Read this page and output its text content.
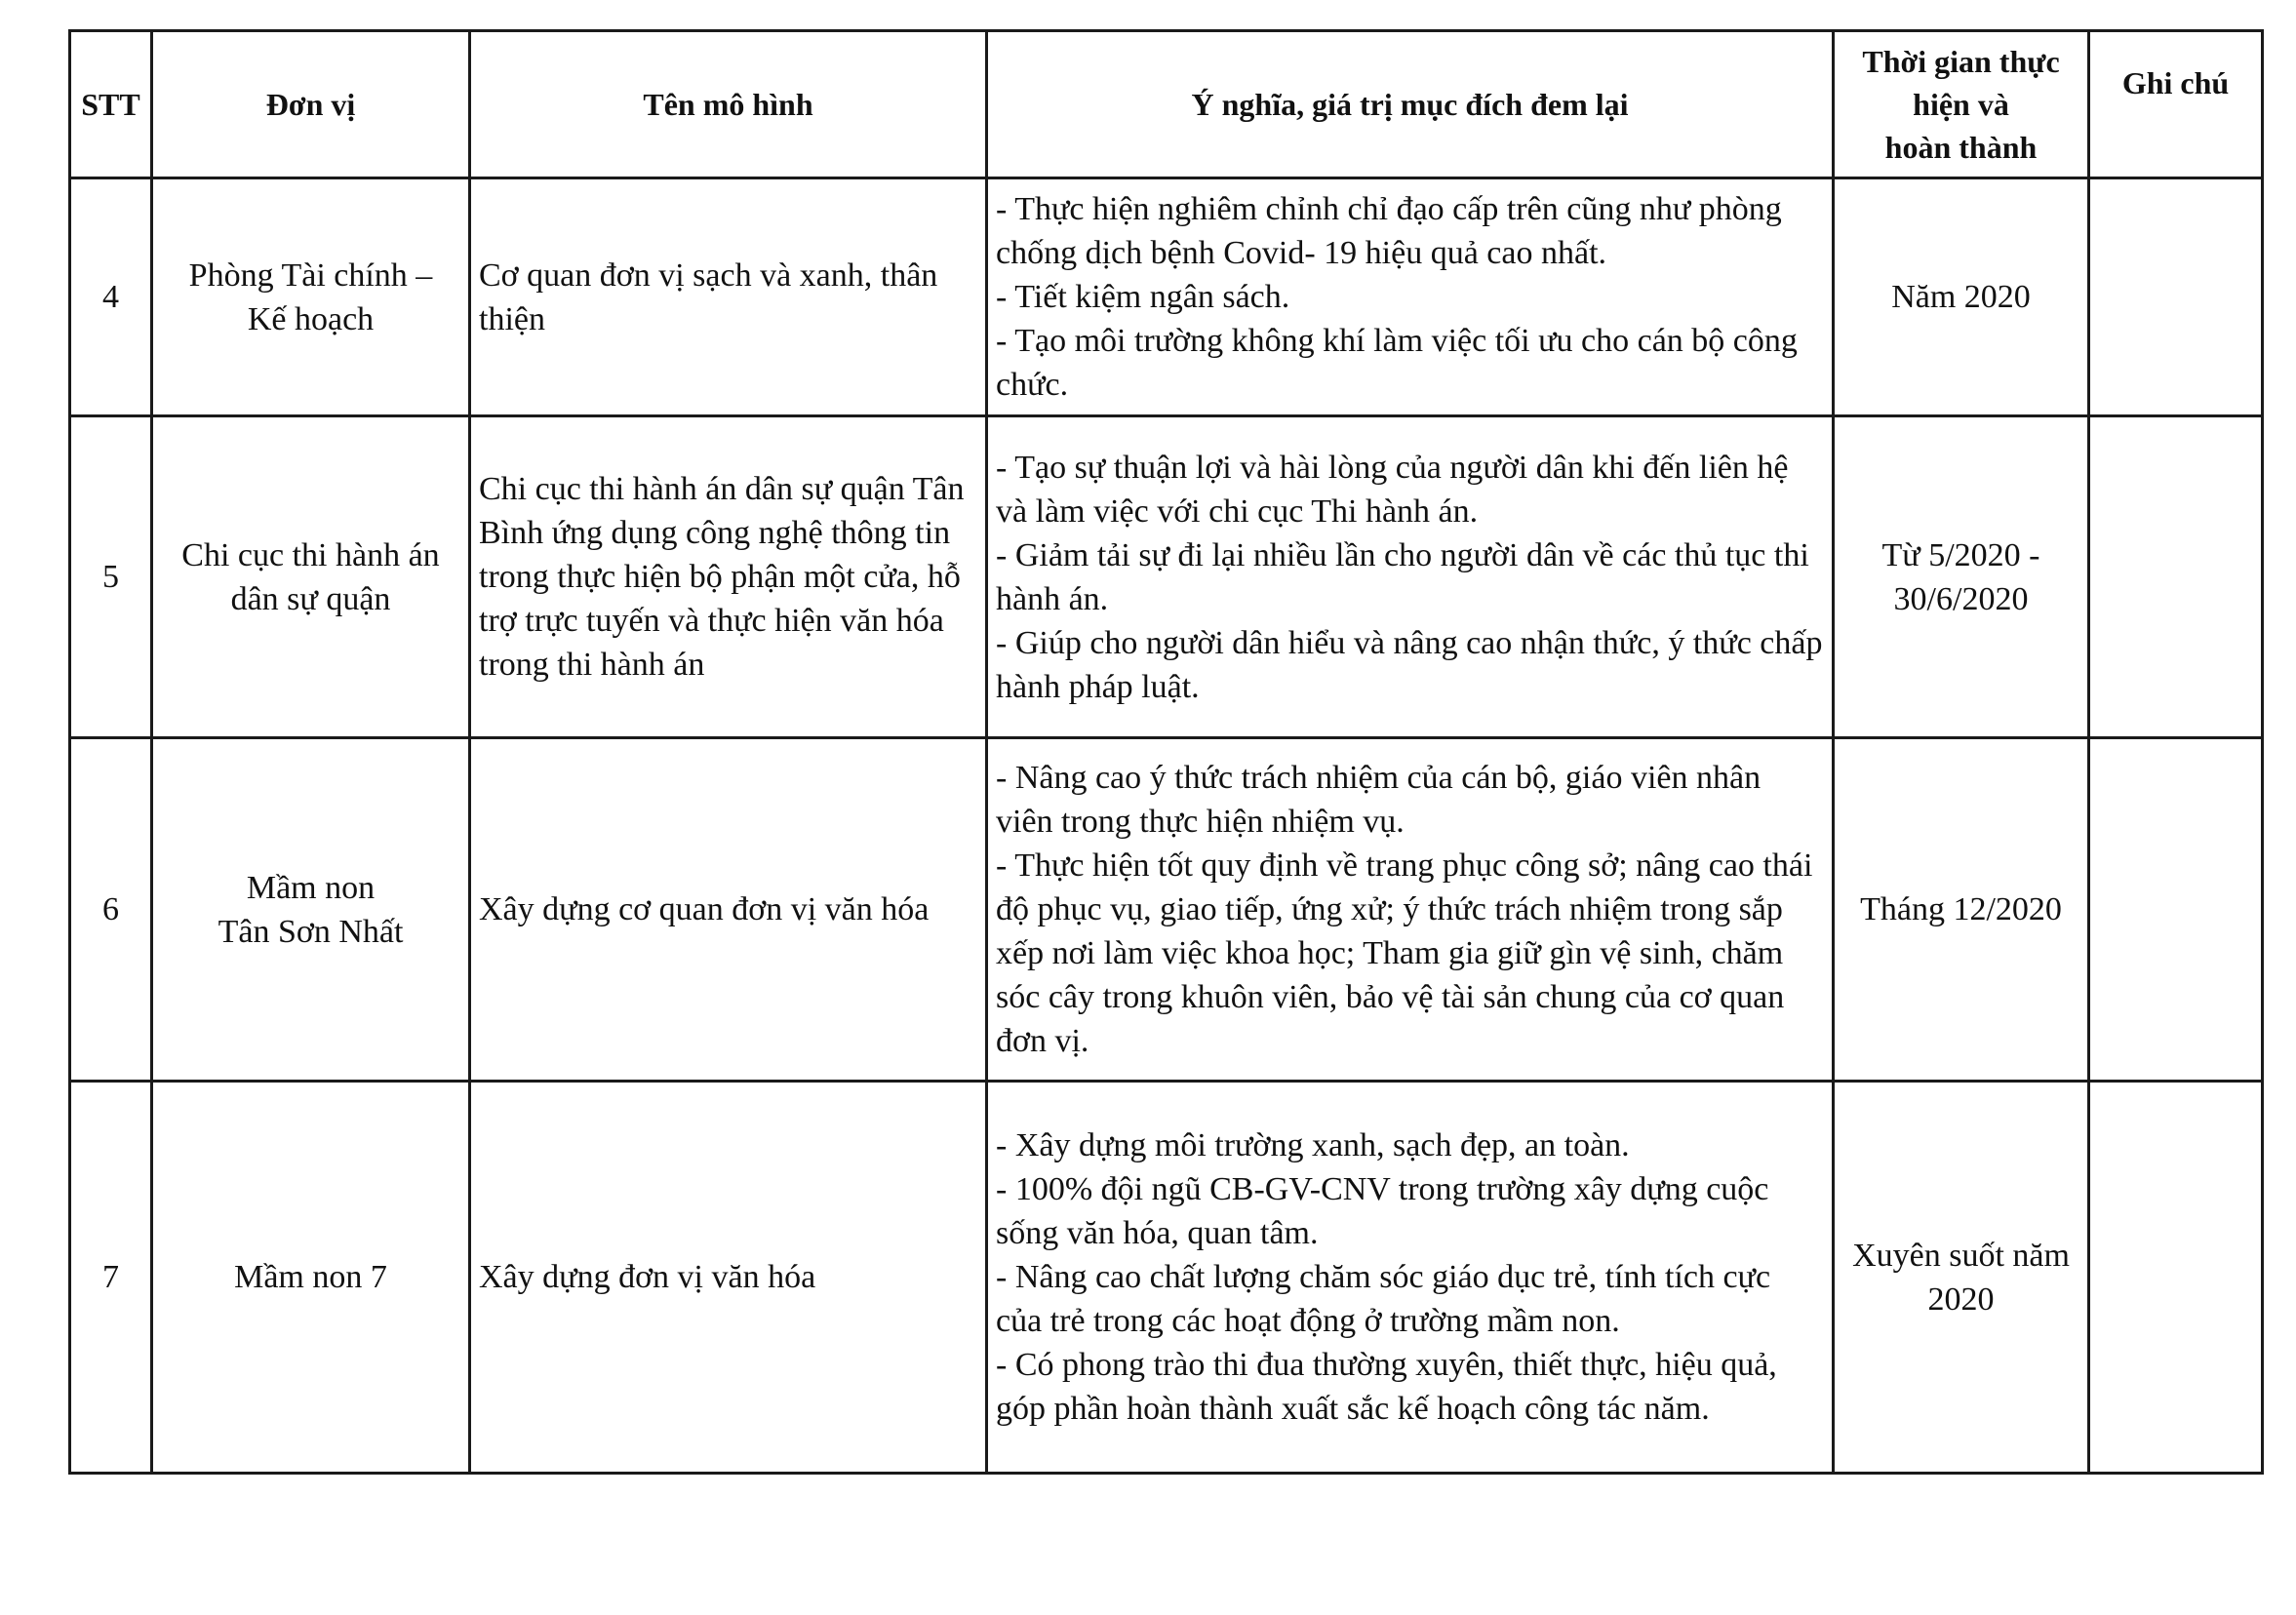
STT	Đơn vị	Tên mô hình	Ý nghĩa, giá trị mục đích đem lại	Thời gian thực
hiện và
hoàn thành	Ghi chú
4	Phòng Tài chính –
Kế hoạch	Cơ quan đơn vị sạch và xanh, thân thiện	- Thực hiện nghiêm chỉnh chỉ đạo cấp trên cũng như phòng chống dịch bệnh Covid- 19 hiệu quả cao nhất.
- Tiết kiệm ngân sách.
- Tạo môi trường không khí làm việc tối ưu cho cán bộ công chức.	Năm 2020	

5	Chi cục thi hành án
dân sự quận	Chi cục thi hành án dân sự quận Tân Bình ứng dụng công nghệ thông tin trong thực hiện bộ phận một cửa, hỗ trợ trực tuyến và thực hiện văn hóa trong thi hành án	- Tạo sự thuận lợi và hài lòng của người dân khi đến liên hệ và làm việc với chi cục Thi hành án.
- Giảm tải sự đi lại nhiều lần cho người dân về các thủ tục thi hành án.
- Giúp cho người dân hiểu và nâng cao nhận thức, ý thức chấp hành pháp luật.	Từ 5/2020 -
30/6/2020	

6	Mầm non
Tân Sơn Nhất	Xây dựng cơ quan đơn vị văn hóa	- Nâng cao ý thức trách nhiệm của cán bộ, giáo viên nhân viên trong thực hiện nhiệm vụ.
- Thực hiện tốt quy định về trang phục công sở; nâng cao thái độ phục vụ, giao tiếp, ứng xử; ý thức trách nhiệm trong sắp xếp nơi làm việc khoa học; Tham gia giữ gìn vệ sinh, chăm sóc cây trong khuôn viên, bảo vệ tài sản chung của cơ quan đơn vị.	Tháng 12/2020	

7	Mầm non 7	Xây dựng đơn vị văn hóa	- Xây dựng môi trường xanh, sạch đẹp, an toàn.
- 100% đội ngũ CB-GV-CNV trong trường xây dựng cuộc sống văn hóa, quan tâm.
- Nâng cao chất lượng chăm sóc giáo dục trẻ, tính tích cực của trẻ trong các hoạt động ở trường mầm non.
- Có phong trào thi đua thường xuyên, thiết thực, hiệu quả, góp phần hoàn thành xuất sắc kế hoạch công tác năm.	Xuyên suốt năm
2020	
